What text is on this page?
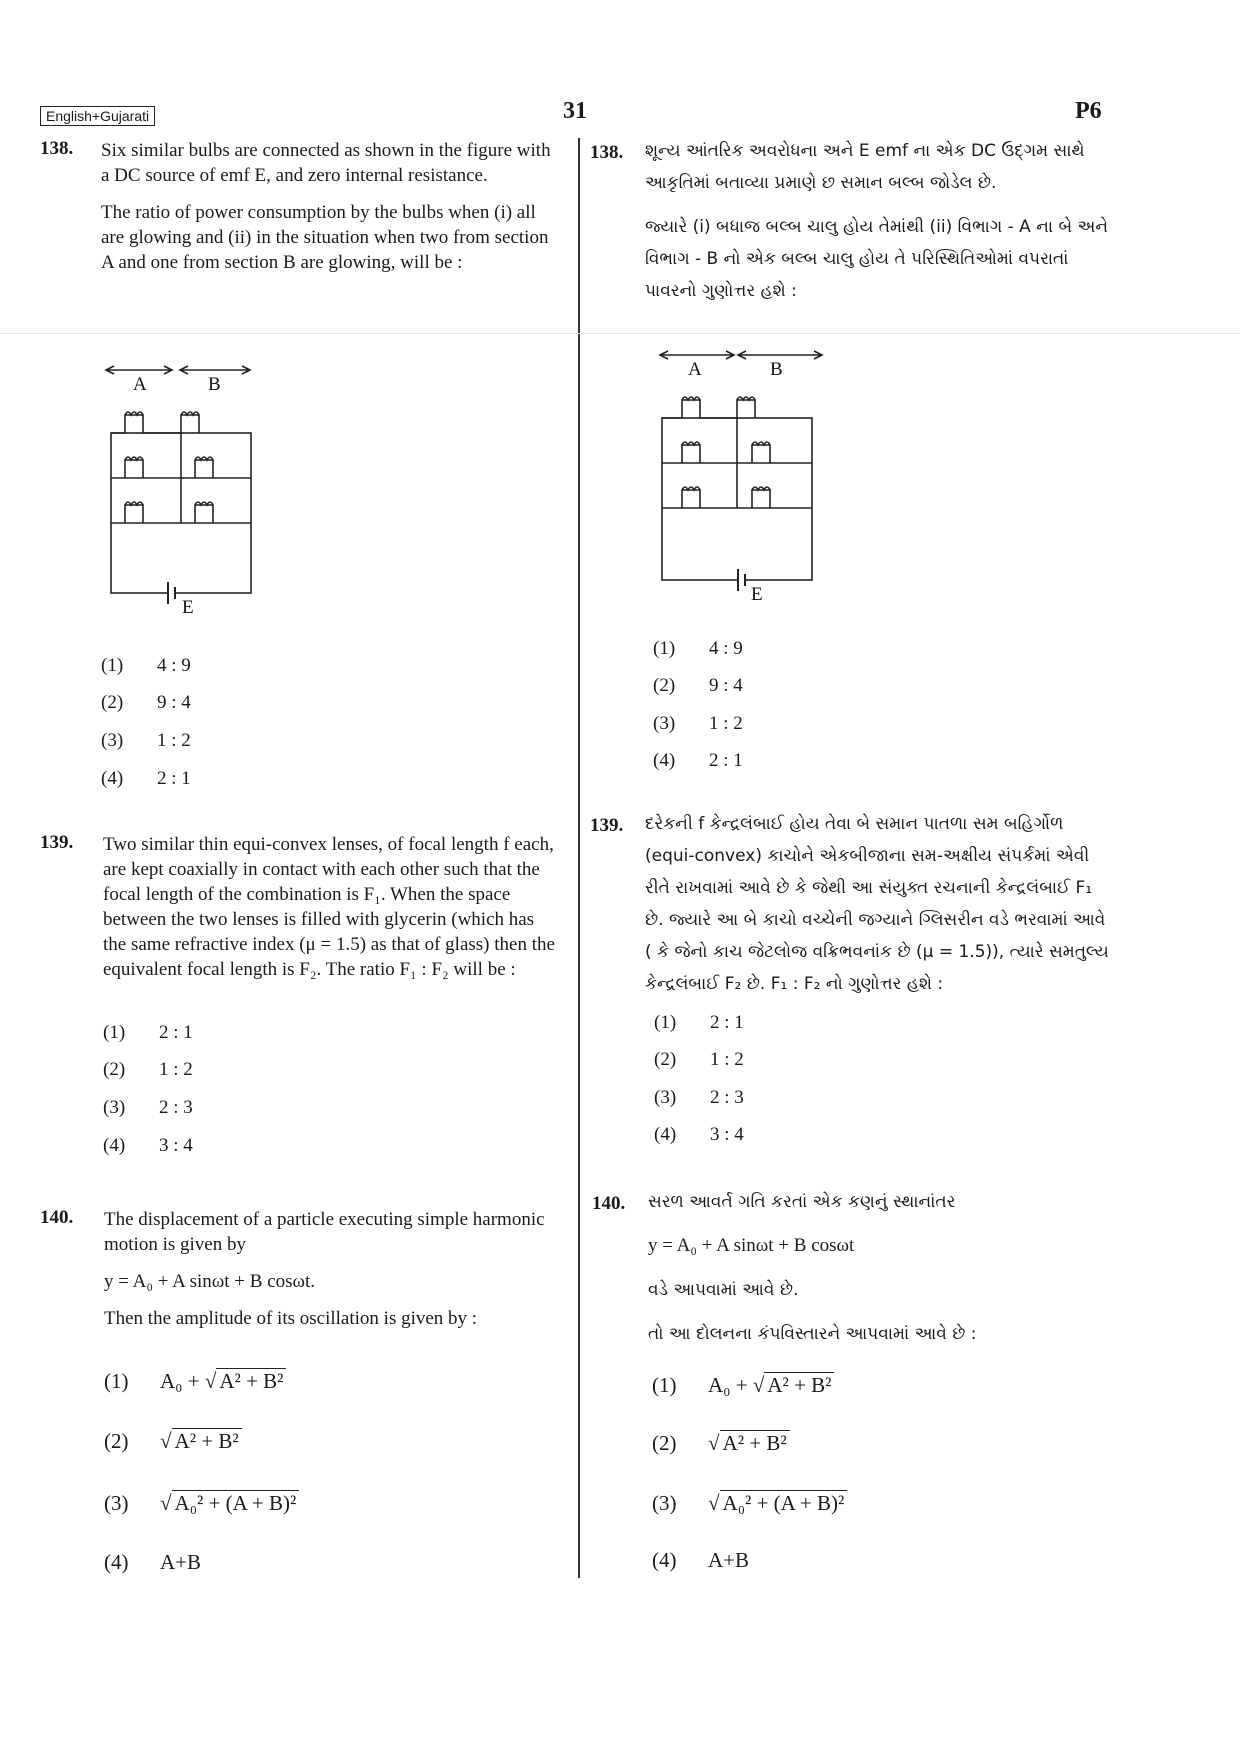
English+Gujarati	31	P6
138. Six similar bulbs are connected as shown in the figure with a DC source of emf E, and zero internal resistance.

The ratio of power consumption by the bulbs when (i) all are glowing and (ii) in the situation when two from section A and one from section B are glowing, will be :

A	B
E
(1) 4 : 9
(2) 9 : 4
(3) 1 : 2
(4) 2 : 1
139. Two similar thin equi-convex lenses, of focal length f each, are kept coaxially in contact with each other such that the focal length of the combination is F₁. When the space between the two lenses is filled with glycerin (which has the same refractive index (μ = 1.5) as that of glass) then the equivalent focal length is F₂. The ratio F₁ : F₂ will be :

(1) 2 : 1
(2) 1 : 2
(3) 2 : 3
(4) 3 : 4
140. The displacement of a particle executing simple harmonic motion is given by

y = A₀ + A sinωt + B cosωt.

Then the amplitude of its oscillation is given by :

(1) A₀ + √ A² + B²
(2) √ A² + B²
(3) √ A₀² + (A + B)²
(4) A+B
138. શૂન્ય આંતરિક અવરોધના અને E emf ના એક DC ઉદ્‌ગમ સાથે આકૃતિમાં બતાવ્યા પ્રમાણે છ સમાન બલ્બ જોડેલ છે.

જ્યારે (i) બધાજ બલ્બ ચાલુ હોય તેમાંથી (ii) વિભાગ - A ના બે અને વિભાગ - B નો એક બલ્બ ચાલુ હોય તે પરિસ્થિતિઓમાં વપરાતાં પાવરનો ગુણોત્તર હશે :

A	B
E
(1) 4 : 9
(2) 9 : 4
(3) 1 : 2
(4) 2 : 1
139. દરેકની f કેન્દ્રલંબાઈ હોય તેવા બે સમાન પાતળા સમ બહિર્ગોળ (equi-convex) કાચોને એકબીજાના સમ-અક્ષીય સંપર્કમાં એવી રીતે રાખવામાં આવે છે કે જેથી આ સંયુક્ત રચનાની કેન્દ્રલંબાઈ F₁ છે. જ્યારે આ બે કાચો વચ્ચેની જગ્યાને ગ્લિસરીન વડે ભરવામાં આવે ( કે જેનો કાચ જેટલોજ વક્રિભવનાંક છે (μ = 1.5)), ત્યારે સમતુલ્ય કેન્દ્રલંબાઈ F₂ છે. F₁ : F₂ નો ગુણોત્તર હશે :

(1) 2 : 1
(2) 1 : 2
(3) 2 : 3
(4) 3 : 4
140. સરળ આવર્ત ગતિ કરતાં એક કણનું સ્થાનાંતર

y = A₀ + A sinωt + B cosωt

વડે આપવામાં આવે છે.

તો આ દોલનના કંપવિસ્તારને આપવામાં આવે છે :

(1) A₀ + √ A² + B²
(2) √ A² + B²
(3) √ A₀² + (A + B)²
(4) A+B
